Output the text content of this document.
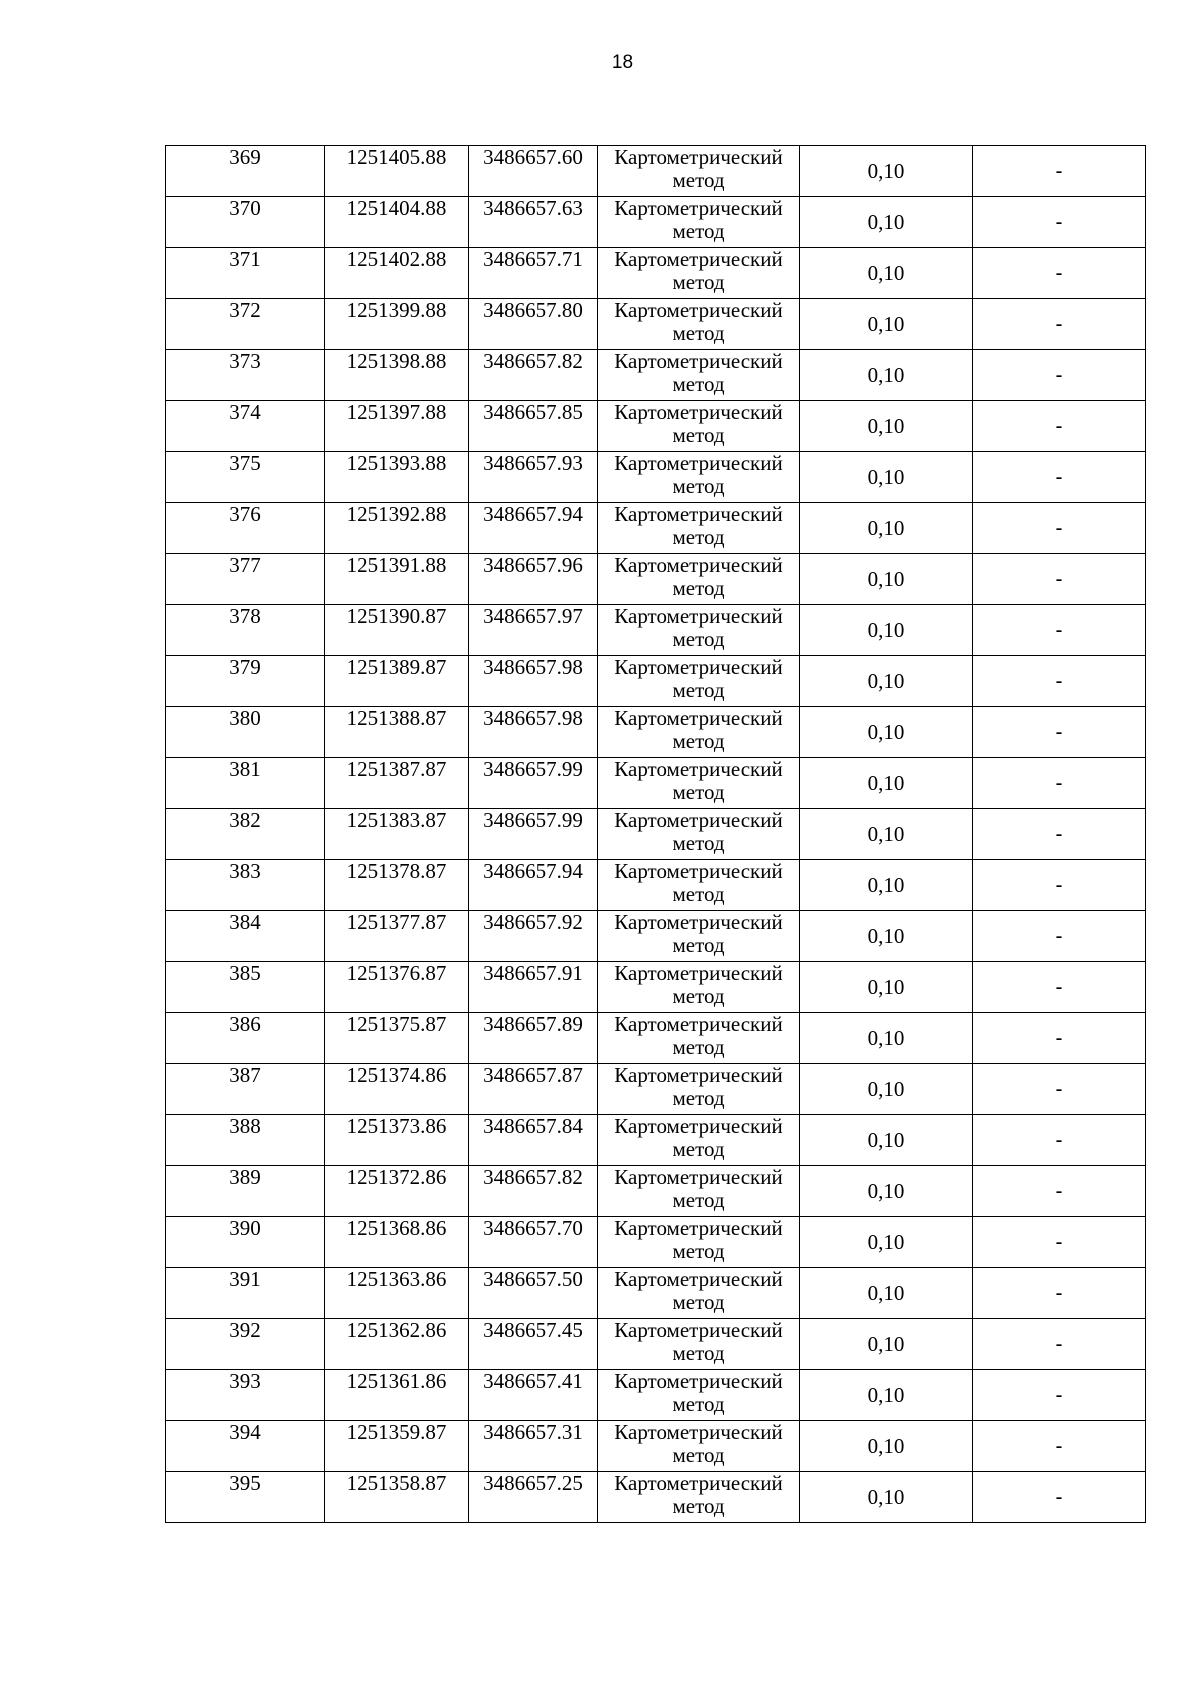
18
369	1251405.88	3486657.60	Картометрический
метод	0,10	-
370	1251404.88	3486657.63	Картометрический
метод	0,10	-
371	1251402.88	3486657.71	Картометрический
метод	0,10	-
372	1251399.88	3486657.80	Картометрический
метод	0,10	-
373	1251398.88	3486657.82	Картометрический
метод	0,10	-
374	1251397.88	3486657.85	Картометрический
метод	0,10	-
375	1251393.88	3486657.93	Картометрический
метод	0,10	-
376	1251392.88	3486657.94	Картометрический
метод	0,10	-
377	1251391.88	3486657.96	Картометрический
метод	0,10	-
378	1251390.87	3486657.97	Картометрический
метод	0,10	-
379	1251389.87	3486657.98	Картометрический
метод	0,10	-
380	1251388.87	3486657.98	Картометрический
метод	0,10	-
381	1251387.87	3486657.99	Картометрический
метод	0,10	-
382	1251383.87	3486657.99	Картометрический
метод	0,10	-
383	1251378.87	3486657.94	Картометрический
метод	0,10	-
384	1251377.87	3486657.92	Картометрический
метод	0,10	-
385	1251376.87	3486657.91	Картометрический
метод	0,10	-
386	1251375.87	3486657.89	Картометрический
метод	0,10	-
387	1251374.86	3486657.87	Картометрический
метод	0,10	-
388	1251373.86	3486657.84	Картометрический
метод	0,10	-
389	1251372.86	3486657.82	Картометрический
метод	0,10	-
390	1251368.86	3486657.70	Картометрический
метод	0,10	-
391	1251363.86	3486657.50	Картометрический
метод	0,10	-
392	1251362.86	3486657.45	Картометрический
метод	0,10	-
393	1251361.86	3486657.41	Картометрический
метод	0,10	-
394	1251359.87	3486657.31	Картометрический
метод	0,10	-
395	1251358.87	3486657.25	Картометрический
метод	0,10	-
